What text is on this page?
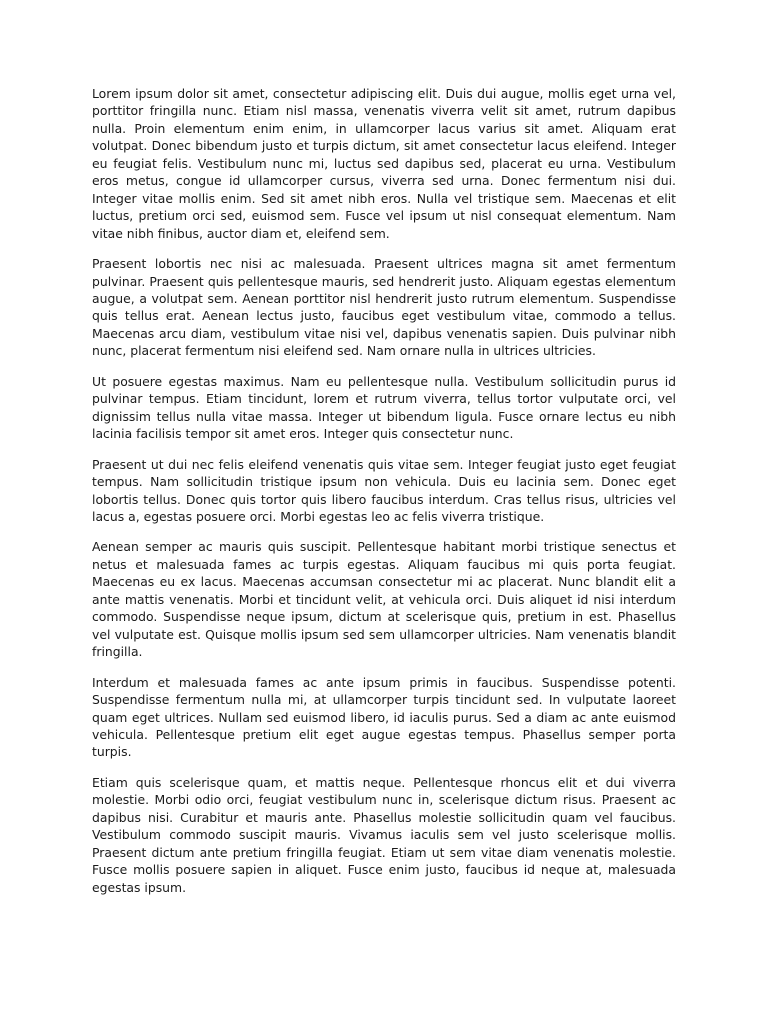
Lorem ipsum dolor sit amet, consectetur adipiscing elit. Duis dui augue, mollis eget urna vel, porttitor fringilla nunc. Etiam nisl massa, venenatis viverra velit sit amet, rutrum dapibus nulla. Proin elementum enim enim, in ullamcorper lacus varius sit amet. Aliquam erat volutpat. Donec bibendum justo et turpis dictum, sit amet consectetur lacus eleifend. Integer eu feugiat felis. Vestibulum nunc mi, luctus sed dapibus sed, placerat eu urna. Vestibulum eros metus, congue id ullamcorper cursus, viverra sed urna. Donec fermentum nisi dui. Integer vitae mollis enim. Sed sit amet nibh eros. Nulla vel tristique sem. Maecenas et elit luctus, pretium orci sed, euismod sem. Fusce vel ipsum ut nisl consequat elementum. Nam vitae nibh finibus, auctor diam et, eleifend sem.

Praesent lobortis nec nisi ac malesuada. Praesent ultrices magna sit amet fermentum pulvinar. Praesent quis pellentesque mauris, sed hendrerit justo. Aliquam egestas elementum augue, a volutpat sem. Aenean porttitor nisl hendrerit justo rutrum elementum. Suspendisse quis tellus erat. Aenean lectus justo, faucibus eget vestibulum vitae, commodo a tellus. Maecenas arcu diam, vestibulum vitae nisi vel, dapibus venenatis sapien. Duis pulvinar nibh nunc, placerat fermentum nisi eleifend sed. Nam ornare nulla in ultrices ultricies.

Ut posuere egestas maximus. Nam eu pellentesque nulla. Vestibulum sollicitudin purus id pulvinar tempus. Etiam tincidunt, lorem et rutrum viverra, tellus tortor vulputate orci, vel dignissim tellus nulla vitae massa. Integer ut bibendum ligula. Fusce ornare lectus eu nibh lacinia facilisis tempor sit amet eros. Integer quis consectetur nunc.

Praesent ut dui nec felis eleifend venenatis quis vitae sem. Integer feugiat justo eget feugiat tempus. Nam sollicitudin tristique ipsum non vehicula. Duis eu lacinia sem. Donec eget lobortis tellus. Donec quis tortor quis libero faucibus interdum. Cras tellus risus, ultricies vel lacus a, egestas posuere orci. Morbi egestas leo ac felis viverra tristique.

Aenean semper ac mauris quis suscipit. Pellentesque habitant morbi tristique senectus et netus et malesuada fames ac turpis egestas. Aliquam faucibus mi quis porta feugiat. Maecenas eu ex lacus. Maecenas accumsan consectetur mi ac placerat. Nunc blandit elit a ante mattis venenatis. Morbi et tincidunt velit, at vehicula orci. Duis aliquet id nisi interdum commodo. Suspendisse neque ipsum, dictum at scelerisque quis, pretium in est. Phasellus vel vulputate est. Quisque mollis ipsum sed sem ullamcorper ultricies. Nam venenatis blandit fringilla.

Interdum et malesuada fames ac ante ipsum primis in faucibus. Suspendisse potenti. Suspendisse fermentum nulla mi, at ullamcorper turpis tincidunt sed. In vulputate laoreet quam eget ultrices. Nullam sed euismod libero, id iaculis purus. Sed a diam ac ante euismod vehicula. Pellentesque pretium elit eget augue egestas tempus. Phasellus semper porta turpis.

Etiam quis scelerisque quam, et mattis neque. Pellentesque rhoncus elit et dui viverra molestie. Morbi odio orci, feugiat vestibulum nunc in, scelerisque dictum risus. Praesent ac dapibus nisi. Curabitur et mauris ante. Phasellus molestie sollicitudin quam vel faucibus. Vestibulum commodo suscipit mauris. Vivamus iaculis sem vel justo scelerisque mollis. Praesent dictum ante pretium fringilla feugiat. Etiam ut sem vitae diam venenatis molestie. Fusce mollis posuere sapien in aliquet. Fusce enim justo, faucibus id neque at, malesuada egestas ipsum.
